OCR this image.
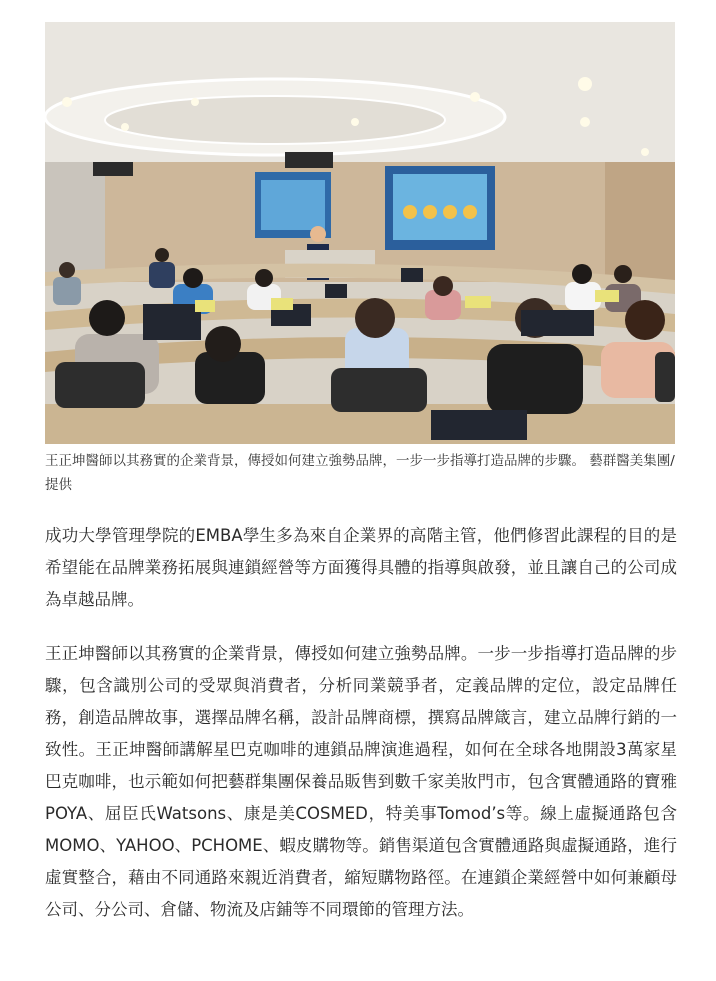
王正坤醫師以其務實的企業背景，傳授如何建立強勢品牌，一步一步指導打造品牌的步驟。 藝群醫美集團/提供

成功大學管理學院的EMBA學生多為來自企業界的高階主管，他們修習此課程的目的是希望能在品牌業務拓展與連鎖經營等方面獲得具體的指導與啟發，並且讓自己的公司成為卓越品牌。

王正坤醫師以其務實的企業背景，傳授如何建立強勢品牌。一步一步指導打造品牌的步驟，包含識別公司的受眾與消費者，分析同業競爭者，定義品牌的定位，設定品牌任務，創造品牌故事，選擇品牌名稱，設計品牌商標，撰寫品牌箴言，建立品牌行銷的一致性。王正坤醫師講解星巴克咖啡的連鎖品牌演進過程，如何在全球各地開設3萬家星巴克咖啡，也示範如何把藝群集團保養品販售到數千家美妝門市，包含實體通路的寶雅POYA、屈臣氏Watsons、康是美COSMED，特美事Tomod’s等。線上虛擬通路包含MOMO、YAHOO、PCHOME、蝦皮購物等。銷售渠道包含實體通路與虛擬通路，進行虛實整合，藉由不同通路來親近消費者，縮短購物路徑。在連鎖企業經營中如何兼顧母公司、分公司、倉儲、物流及店鋪等不同環節的管理方法。
